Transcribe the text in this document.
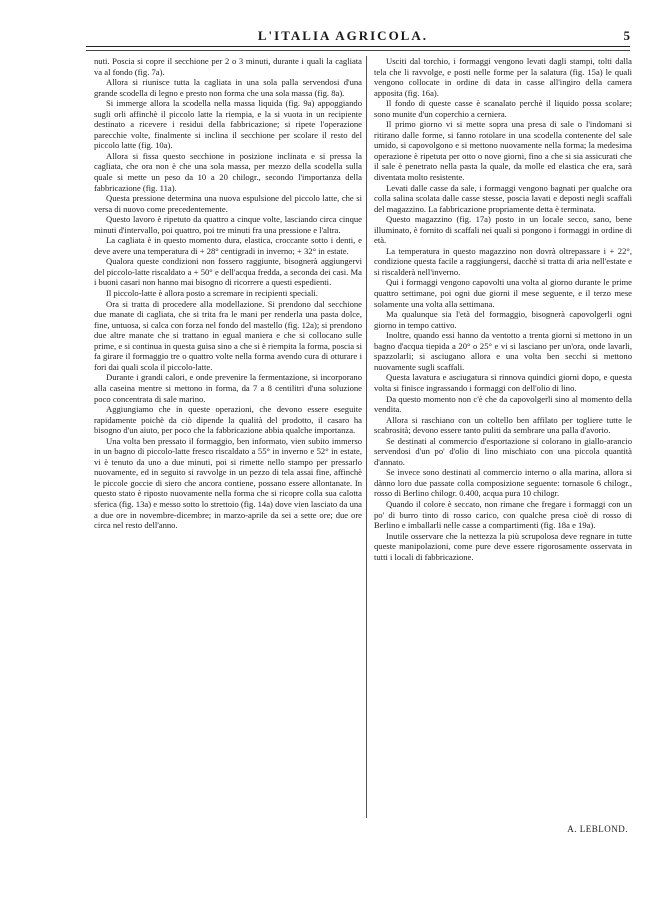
L'ITALIA AGRICOLA.	5

nuti. Poscia si copre il secchione per 2 o 3 minuti, durante i quali la cagliata va al fondo (fig. 7a).

Allora si riunisce tutta la cagliata in una sola palla servendosi d'una grande scodella di legno e presto non forma che una sola massa (fig. 8a).

Si immerge allora la scodella nella massa liquida (fig. 9a) appoggiando sugli orli affinchè il piccolo latte la riempia, e la si vuota in un recipiente destinato a ricevere i residui della fabbricazione; si ripete l'operazione parecchie volte, finalmente si inclina il secchione per scolare il resto del piccolo latte (fig. 10a).

Allora si fissa questo secchione in posizione inclinata e si pressa la cagliata, che ora non è che una sola massa, per mezzo della scodella sulla quale si mette un peso da 10 a 20 chilogr., secondo l'importanza della fabbricazione (fig. 11a).

Questa pressione determina una nuova espulsione del piccolo latte, che si versa di nuovo come precedentemente.

Questo lavoro è ripetuto da quattro a cinque volte, lasciando circa cinque minuti d'intervallo, poi quattro, poi tre minuti fra una pressione e l'altra.

La cagliata è in questo momento dura, elastica, croccante sotto i denti, e deve avere una temperatura di + 28° centigradi in inverno; + 32° in estate.

Qualora queste condizioni non fossero raggiunte, bisognerà aggiungervi del piccolo-latte riscaldato a + 50° e dell'acqua fredda, a seconda dei casi. Ma i buoni casari non hanno mai bisogno di ricorrere a questi espedienti.

Il piccolo-latte è allora posto a scremare in recipienti speciali.

Ora si tratta di procedere alla modellazione. Si prendono dal secchione due manate di cagliata, che si trita fra le mani per renderla una pasta dolce, fine, untuosa, si calca con forza nel fondo del mastello (fig. 12a); si prendono due altre manate che si trattano in egual maniera e che si collocano sulle prime, e si continua in questa guisa sino a che si è riempita la forma, poscia si fa girare il formaggio tre o quattro volte nella forma avendo cura di otturare i fori dai quali scola il piccolo-latte.

Durante i grandi calori, e onde prevenire la fermentazione, si incorporano alla caseina mentre si mettono in forma, da 7 a 8 centilitri d'una soluzione poco concentrata di sale marino.

Aggiungiamo che in queste operazioni, che devono essere eseguite rapidamente poichè da ciò dipende la qualità del prodotto, il casaro ha bisogno d'un aiuto, per poco che la fabbricazione abbia qualche importanza.

Una volta ben pressato il formaggio, ben informato, vien subito immerso in un bagno di piccolo-latte fresco riscaldato a 55° in inverno e 52° in estate, vi è tenuto da uno a due minuti, poi si rimette nello stampo per pressarlo nuovamente, ed in seguito si ravvolge in un pezzo di tela assai fine, affinchè le piccole goccie di siero che ancora contiene, possano essere allontanate. In questo stato è riposto nuovamente nella forma che si ricopre colla sua calotta sferica (fig. 13a) e messo sotto lo strettoio (fig. 14a) dove vien lasciato da una a due ore in novembre-dicembre; in marzo-aprile da sei a sette ore; due ore circa nel resto dell'anno.

Usciti dal torchio, i formaggi vengono levati dagli stampi, tolti dalla tela che li ravvolge, e posti nelle forme per la salatura (fig. 15a) le quali vengono collocate in ordine di data in casse all'ingiro della camera apposita (fig. 16a).

Il fondo di queste casse è scanalato perchè il liquido possa scolare; sono munite d'un coperchio a cerniera.

Il primo giorno vi si mette sopra una presa di sale o l'indomani si ritirano dalle forme, si fanno rotolare in una scodella contenente del sale umido, si capovolgono e si mettono nuovamente nella forma; la medesima operazione è ripetuta per otto o nove giorni, fino a che si sia assicurati che il sale è penetrato nella pasta la quale, da molle ed elastica che era, sarà diventata molto resistente.

Levati dalle casse da sale, i formaggi vengono bagnati per qualche ora colla salina scolata dalle casse stesse, poscia lavati e deposti negli scaffali del magazzino. La fabbricazione propriamente detta è terminata.

Questo magazzino (fig. 17a) posto in un locale secco, sano, bene illuminato, è fornito di scaffali nei quali si pongono i formaggi in ordine di età.

La temperatura in questo magazzino non dovrà oltrepassare i + 22°, condizione questa facile a raggiungersi, dacchè si tratta di aria nell'estate e si riscalderà nell'inverno.

Qui i formaggi vengono capovolti una volta al giorno durante le prime quattro settimane, poi ogni due giorni il mese seguente, e il terzo mese solamente una volta alla settimana.

Ma qualunque sia l'età del formaggio, bisognerà capovolgerli ogni giorno in tempo cattivo.

Inoltre, quando essi hanno da ventotto a trenta giorni si mettono in un bagno d'acqua tiepida a 20° o 25° e vi si lasciano per un'ora, onde lavarli, spazzolarli; si asciugano allora e una volta ben secchi si mettono nuovamente sugli scaffali.

Questa lavatura e asciugatura si rinnova quindici giorni dopo, e questa volta si finisce ingrassando i formaggi con dell'olio di lino.

Da questo momento non c'è che da capovolgerli sino al momento della vendita.

Allora si raschiano con un coltello ben affilato per togliere tutte le scabrosità; devono essere tanto puliti da sembrare una palla d'avorio.

Se destinati al commercio d'esportazione si colorano in giallo-arancio servendosi d'un po' d'olio di lino mischiato con una piccola quantità d'annato.

Se invece sono destinati al commercio interno o alla marina, allora si dànno loro due passate colla composizione seguente: tornasole 6 chilogr., rosso di Berlino chilogr. 0.400, acqua pura 10 chilogr.

Quando il colore è seccato, non rimane che fregare i formaggi con un po' di burro tinto di rosso carico, con qualche presa cioè di rosso di Berlino e imballarli nelle casse a compartimenti (fig. 18a e 19a).

Inutile osservare che la nettezza la più scrupolosa deve regnare in tutte queste manipolazioni, come pure deve essere rigorosamente osservata in tutti i locali di fabbricazione.

A. LEBLOND.
